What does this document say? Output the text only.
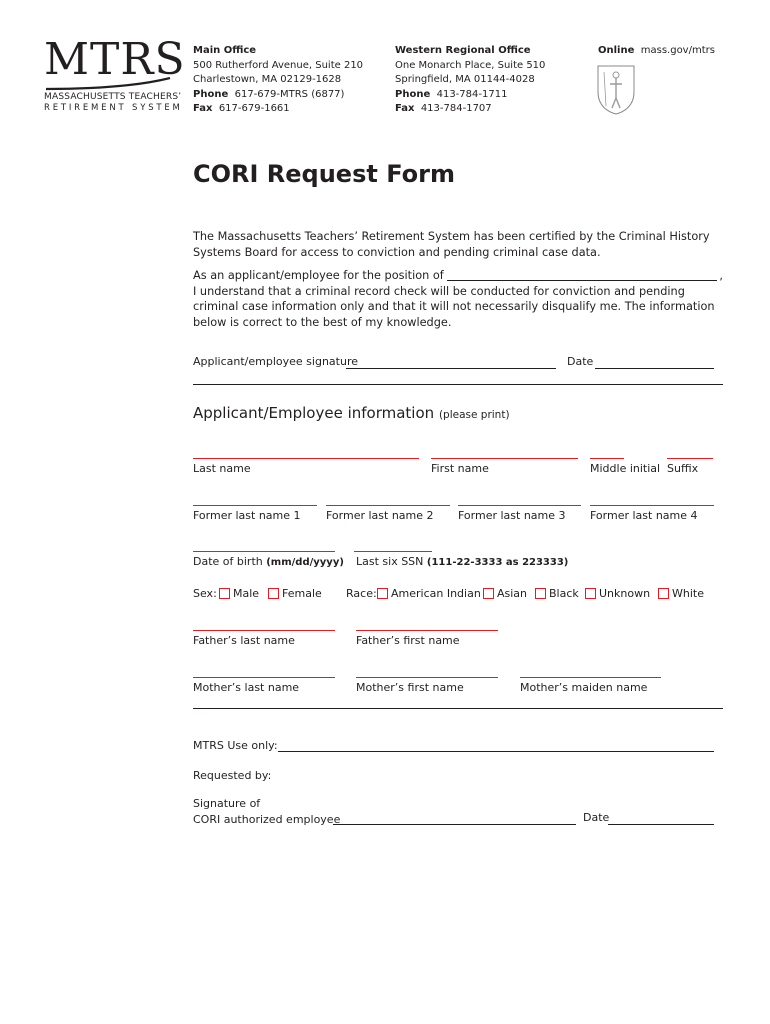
MTRS
MASSACHUSETTS TEACHERS’
RETIREMENT SYSTEM
Main Office
500 Rutherford Avenue, Suite 210
Charlestown, MA 02129-1628
Phone 617-679-MTRS (6877)
Fax 617-679-1661
Western Regional Office
One Monarch Place, Suite 510
Springfield, MA 01144-4028
Phone 413-784-1711
Fax 413-784-1707
Online mass.gov/mtrs
CORI Request Form
The Massachusetts Teachers’ Retirement System has been certified by the Criminal History Systems Board for access to conviction and pending criminal case data.
As an applicant/employee for the position of	,
I understand that a criminal record check will be conducted for conviction and pending criminal case information only and that it will not necessarily disqualify me. The information below is correct to the best of my knowledge.
Applicant/employee signature	Date
Applicant/Employee information (please print)
Last name	First name	Middle initial Suffix
Former last name 1 Former last name 2 Former last name 3 Former last name 4
Date of birth (mm/dd/yyyy) Last six SSN (111-22-3333 as 223333)
Sex: Male Female Race: American Indian Asian Black Unknown White
Father’s last name	Father’s first name
Mother’s last name	Mother’s first name	Mother’s maiden name
MTRS Use only:
Requested by:
Signature of
CORI authorized employee	Date
